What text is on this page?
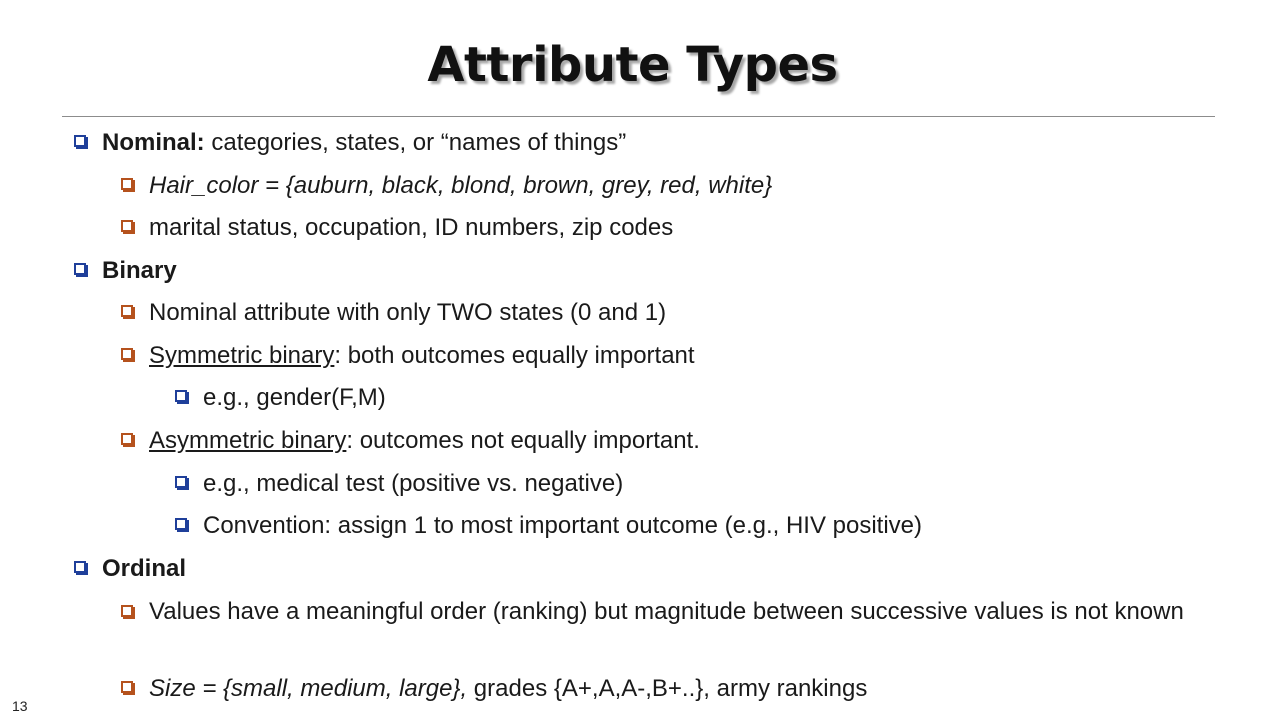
Attribute Types
Nominal: categories, states, or “names of things”
Hair_color = {auburn, black, blond, brown, grey, red, white}
marital status, occupation, ID numbers, zip codes
Binary
Nominal attribute with only TWO states (0 and 1)
Symmetric binary: both outcomes equally important
e.g., gender(F,M)
Asymmetric binary: outcomes not equally important.
e.g., medical test (positive vs. negative)
Convention: assign 1 to most important outcome (e.g., HIV positive)
Ordinal
Values have a meaningful order (ranking) but magnitude between successive values is not known
Size = {small, medium, large}, grades {A+,A,A-,B+..}, army rankings
13
